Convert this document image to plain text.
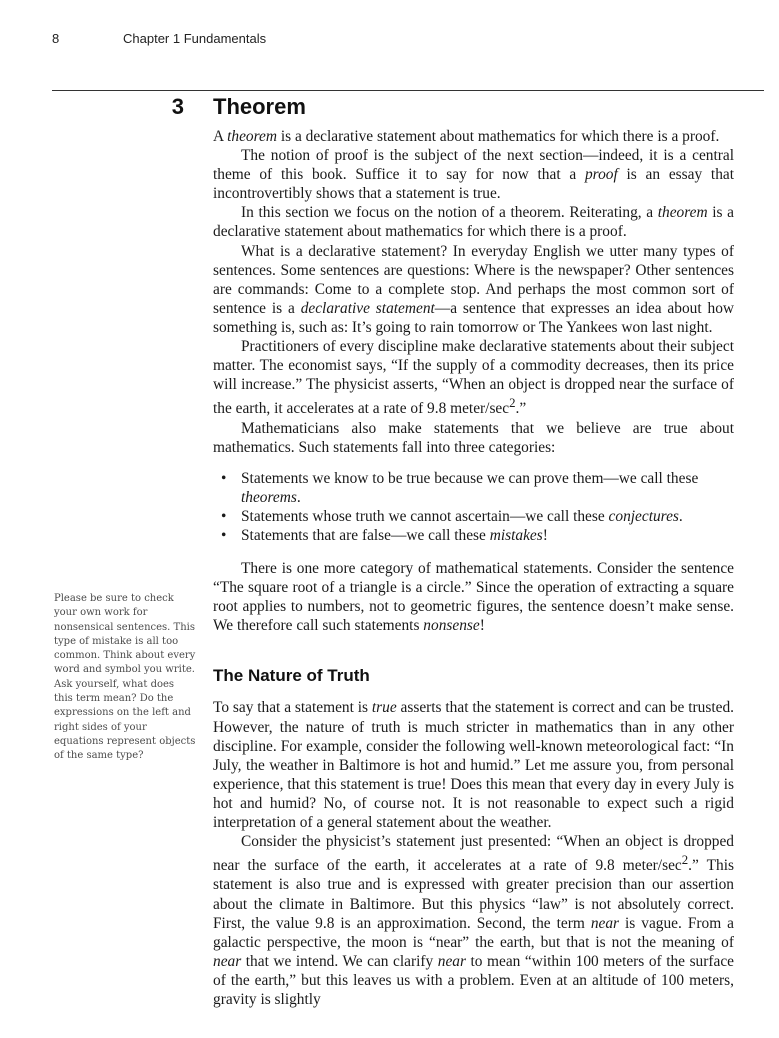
8	Chapter 1 Fundamentals
3 Theorem

A theorem is a declarative statement about mathematics for which there is a proof.

The notion of proof is the subject of the next section—indeed, it is a central theme of this book. Suffice it to say for now that a proof is an essay that incontrovertibly shows that a statement is true.

In this section we focus on the notion of a theorem. Reiterating, a theorem is a declarative statement about mathematics for which there is a proof.

What is a declarative statement? In everyday English we utter many types of sentences. Some sentences are questions: Where is the newspaper? Other sentences are commands: Come to a complete stop. And perhaps the most common sort of sentence is a declarative statement—a sentence that expresses an idea about how something is, such as: It’s going to rain tomorrow or The Yankees won last night.

Practitioners of every discipline make declarative statements about their subject matter. The economist says, “If the supply of a commodity decreases, then its price will increase.” The physicist asserts, “When an object is dropped near the surface of the earth, it accelerates at a rate of 9.8 meter/$\sec^2$.”

Mathematicians also make statements that we believe are true about mathematics. Such statements fall into three categories:

• Statements we know to be true because we can prove them—we call these theorems.
• Statements whose truth we cannot ascertain—we call these conjectures.
• Statements that are false—we call these mistakes!

There is one more category of mathematical statements. Consider the sentence “The square root of a triangle is a circle.” Since the operation of extracting a square root applies to numbers, not to geometric figures, the sentence doesn’t make sense. We therefore call such statements nonsense!

The Nature of Truth

To say that a statement is true asserts that the statement is correct and can be trusted. However, the nature of truth is much stricter in mathematics than in any other discipline. For example, consider the following well-known meteorological fact: “In July, the weather in Baltimore is hot and humid.” Let me assure you, from personal experience, that this statement is true! Does this mean that every day in every July is hot and humid? No, of course not. It is not reasonable to expect such a rigid interpretation of a general statement about the weather.

Consider the physicist’s statement just presented: “When an object is dropped near the surface of the earth, it accelerates at a rate of 9.8 meter/$\sec^2$.” This statement is also true and is expressed with greater precision than our assertion about the climate in Baltimore. But this physics “law” is not absolutely correct. First, the value 9.8 is an approximation. Second, the term near is vague. From a galactic perspective, the moon is “near” the earth, but that is not the meaning of near that we intend. We can clarify near to mean “within 100 meters of the surface of the earth,” but this leaves us with a problem. Even at an altitude of 100 meters, gravity is slightly

Please be sure to check your own work for nonsensical sentences. This type of mistake is all too common. Think about every word and symbol you write. Ask yourself, what does this term mean? Do the expressions on the left and right sides of your equations represent objects of the same type?
